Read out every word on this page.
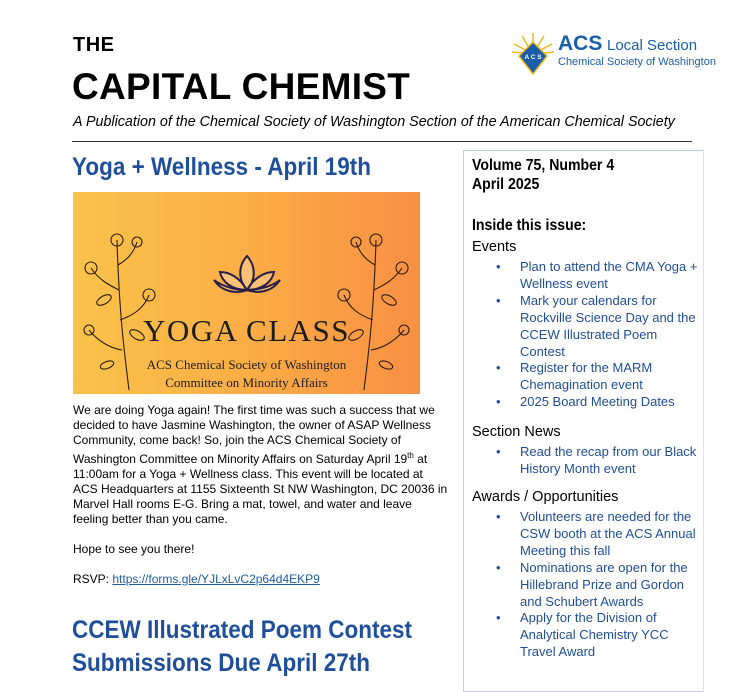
THE
CAPITAL CHEMIST
A Publication of the Chemical Society of Washington Section of the American Chemical Society
A C S
ACS Local Section
Chemical Society of Washington
Yoga + Wellness - April 19th
YOGA CLASS
ACS Chemical Society of Washington
Committee on Minority Affairs

We are doing Yoga again! The first time was such a success that we decided to have Jasmine Washington, the owner of ASAP Wellness Community, come back! So, join the ACS Chemical Society of Washington Committee on Minority Affairs on Saturday April 19th at 11:00am for a Yoga + Wellness class. This event will be located at ACS Headquarters at 1155 Sixteenth St NW Washington, DC 20036 in Marvel Hall rooms E-G. Bring a mat, towel, and water and leave feeling better than you came.

Hope to see you there!

RSVP: https://forms.gle/YJLxLvC2p64d4EKP9

CCEW Illustrated Poem Contest
Submissions Due April 27th
Volume 75, Number 4
April 2025
Inside this issue:
Events
• Plan to attend the CMA Yoga + Wellness event
• Mark your calendars for Rockville Science Day and the CCEW Illustrated Poem Contest
• Register for the MARM Chemagination event
• 2025 Board Meeting Dates
Section News
• Read the recap from our Black History Month event
Awards / Opportunities
• Volunteers are needed for the CSW booth at the ACS Annual Meeting this fall
• Nominations are open for the Hillebrand Prize and Gordon and Schubert Awards
• Apply for the Division of Analytical Chemistry YCC Travel Award
